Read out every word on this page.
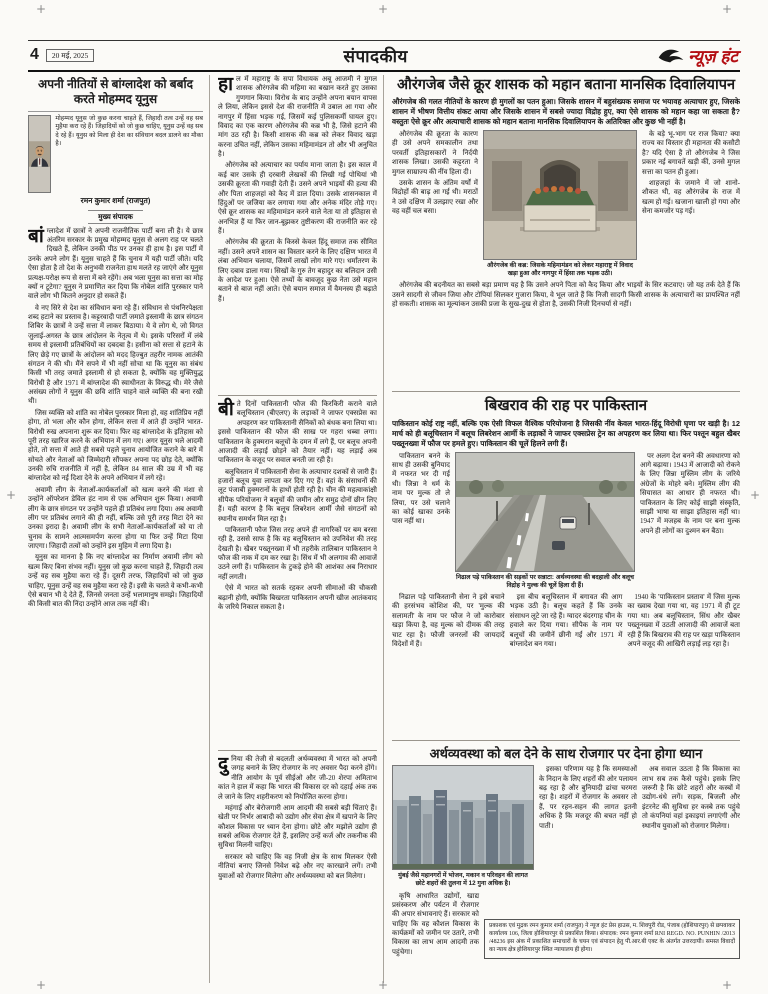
+	+	+
+	+
+	+	+
4	20 मई, 2025	संपादकीय	न्यूज़ हंट
अपनी नीतियों से बांग्लादेश को बर्बाद करते मोहम्मद यूनुस

मोहम्मद यूनुस जो कुछ करना चाहते हैं, जिहादी तत्व उन्हें वह सब मुहैया करा रहे हैं। जिहादियों को जो कुछ चाहिए, यूनुस उन्हें वह सब दे रहे हैं। यूनुस को मिला ही देश का संविधान बदल डालने का मौका है।

रमन कुमार शर्मा (राजपुत)
मुख्य संपादक

बांग्लादेश में छात्रों ने अपनी राजनीतिक पार्टी बना ली है। ये छात्र अंतरिम सरकार के प्रमुख मोहम्मद यूनुस से अलग राह पर चलते दिखते हैं, लेकिन उनकी पीठ पर उनका ही हाथ है। इस पार्टी में उनके अपने लोग हैं। यूनुस चाहते हैं कि चुनाव में यही पार्टी जीते। यदि ऐसा होता है तो देश के अनुभवी राजनेता हाथ मलते रह जाएंगे और यूनुस प्रत्यक्ष-परोक्ष रूप से सत्ता में बने रहेंगे। अब भला यूनुस का सत्ता का मोह क्यों न टूटेगा? यूनुस ने प्रमाणित कर दिया कि नोबेल शांति पुरस्कार पाने वाले लोग भी कितने अनुदार हो सकते हैं।

वे नए सिरे से देश का संविधान बना रहे हैं। संविधान से पंथनिरपेक्षता शब्द हटाने का प्रस्ताव है। कट्टरवादी पार्टी जमाते इस्लामी के छात्र संगठन शिबिर के छात्रों ने उन्हें सत्ता में लाकर बिठाया। ये वे लोग थे, जो विगत जुलाई-अगस्त के छात्र आंदोलन के नेतृत्व में थे। इसके परिसरों में लंबे समय से इस्लामी प्रतिबंधियों का दबदबा है। हसीना को सत्ता से हटाने के लिए छेड़े गए छात्रों के आंदोलन को मदद हिज्बुत तहरीर नामक आतंकी संगठन ने की थी। मैंने सपने में भी नहीं सोचा था कि यूनुस का संबंध किसी भी तरह जमाते इस्लामी से हो सकता है, क्योंकि वह मुक्तियुद्ध विरोधी है और 1971 में बांग्लादेश की स्वाधीनता के विरुद्ध थी। मेरे जैसे असंख्य लोगों ने यूनुस की छवि शांति चाहने वाले व्यक्ति की बना रखी थी।

जिस व्यक्ति को शांति का नोबेल पुरस्कार मिला हो, वह शांतिप्रिय नहीं होगा, तो भला और कौन होगा, लेकिन सत्ता में आते ही उन्होंने भारत-विरोधी रुख अपनाना शुरू कर दिया। फिर वह बांग्लादेश के इतिहास को पूरी तरह खारिज करने के अभियान में लग गए। अगर यूनुस भले आदमी होते, तो सत्ता में आते ही सबसे पहले चुनाव आयोजित कराने के बारे में सोचते और नेताओं को जिम्मेदारी सौंपकर अपना पद छोड़ देते, क्योंकि उनकी रुचि राजनीति में नहीं है, लेकिन 84 साल की उम्र में भी वह बांग्लादेश को नई दिशा देने के अपने अभियान में लगे रहे।

अवामी लीग के नेताओं-कार्यकर्ताओं को खत्म करने की मंशा से उन्होंने ऑपरेशन डेविल हंट नाम से एक अभियान शुरू किया। अवामी लीग के छात्र संगठन पर उन्होंने पहले ही प्रतिबंध लगा दिया। अब अवामी लीग पर प्रतिबंध लगाने की ही नहीं, बल्कि उसे पूरी तरह मिटा देने का उनका इरादा है। अवामी लीग के सभी नेताओं-कार्यकर्ताओं को या तो चुनाव के सामने आत्मसमर्पण करना होगा या फिर उन्हें मिटा दिया जाएगा। जिहादी तत्वों को उन्होंने इस मुहिम में लगा दिया है।

यूनुस का मानना है कि नए बांग्लादेश का निर्माण अवामी लीग को खत्म किए बिना संभव नहीं। यूनुस जो कुछ करना चाहते हैं, जिहादी तत्व उन्हें वह सब मुहैया करा रहे हैं। दूसरी तरफ, जिहादियों को जो कुछ चाहिए, यूनुस उन्हें वह सब मुहैया करा रहे हैं। इसी के चलते वे कभी-कभी ऐसे बयान भी दे देते हैं, जिनसे जनता उन्हें भलामानुष समझे। जिहादियों की किसी बात की निंदा उन्होंने आज तक नहीं की।

हाल में महाराष्ट्र के सपा विधायक अबू आजमी ने मुगल शासक औरंगजेब की महिमा का बखान करते हुए उसका गुणगान किया। विरोध के बाद उन्होंने अपना बयान वापस ले लिया, लेकिन इससे देश की राजनीति में उबाल आ गया और नागपुर में हिंसा भड़क गई, जिसमें कई पुलिसकर्मी घायल हुए। विवाद का एक कारण औरंगजेब की कब्र भी है, जिसे हटाने की मांग उठ रही है। किसी शासक की कब्र को लेकर विवाद खड़ा करना उचित नहीं, लेकिन उसका महिमामंडन तो और भी अनुचित है।

औरंगजेब को अत्याचार का पर्याय माना जाता है। इस काल में कई बार उसके ही दरबारी लेखकों की लिखी गई पोथियां भी उसकी क्रूरता की गवाही देती हैं। उसने अपने भाइयों की हत्या की और पिता शाहजहां को कैद में डाल दिया। उसके शासनकाल में हिंदुओं पर जजिया कर लगाया गया और अनेक मंदिर तोड़े गए। ऐसे क्रूर शासक का महिमामंडन करने वाले नेता या तो इतिहास से अनभिज्ञ हैं या फिर जान-बूझकर तुष्टीकरण की राजनीति कर रहे हैं।

औरंगजेब की क्रूरता के किस्से केवल हिंदू समाज तक सीमित नहीं। उसने अपने शासन का विस्तार करने के लिए दक्षिण भारत में लंबा अभियान चलाया, जिसमें लाखों लोग मारे गए। धर्मांतरण के लिए दबाव डाला गया। सिखों के गुरु तेग बहादुर का बलिदान उसी के आदेश पर हुआ। ऐसे तथ्यों के बावजूद कुछ नेता उसे महान बताने से बाज नहीं आते। ऐसे बयान समाज में वैमनस्य ही बढ़ाते हैं।

बीते दिनों पाकिस्तानी फौज की किरकिरी कराने वाले बलूचिस्तान (बीएलए) के लड़ाकों ने जाफर एक्सप्रेस का अपहरण कर पाकिस्तानी सैनिकों को बंधक बना लिया था। इससे पाकिस्तान की फौज की साख पर गहरा धब्बा लगा। पाकिस्तान के हुक्मरान बलूचों के दमन में लगे हैं, पर बलूच अपनी आजादी की लड़ाई छोड़ने को तैयार नहीं। यह लड़ाई अब पाकिस्तान के वजूद पर सवाल बनती जा रही है।

बलूचिस्तान में पाकिस्तानी सेना के अत्याचार दशकों से जारी हैं। हजारों बलूच युवा लापता कर दिए गए हैं। वहां के संसाधनों की लूट पंजाबी हुक्मरानों के हाथों होती रही है। चीन की महत्वाकांक्षी सीपैक परियोजना ने बलूचों की जमीन और समुद्र दोनों छीन लिए हैं। यही कारण है कि बलूच लिबरेशन आर्मी जैसे संगठनों को स्थानीय समर्थन मिल रहा है।

पाकिस्तानी फौज जिस तरह अपने ही नागरिकों पर बम बरसा रही है, उससे साफ है कि वह बलूचिस्तान को उपनिवेश की तरह देखती है। खैबर पख्तूनख्वा में भी तहरीके तालिबान पाकिस्तान ने फौज की नाक में दम कर रखा है। सिंध में भी अलगाव की आवाजें उठने लगी हैं। पाकिस्तान के टुकड़े होने की आशंका अब निराधार नहीं लगती।

ऐसे में भारत को सतर्क रहकर अपनी सीमाओं की चौकसी बढ़ानी होगी, क्योंकि बिखरता पाकिस्तान अपनी खीज आतंकवाद के जरिये निकाल सकता है।

दुनिया की तेजी से बदलती अर्थव्यवस्था में भारत को अपनी जगह बनाने के लिए रोजगार के नए अवसर पैदा करने होंगे। नीति आयोग के पूर्व सीईओ और जी-20 शेरपा अमिताभ कांत ने हाल में कहा कि भारत की विकास दर को दहाई अंक तक ले जाने के लिए शहरीकरण को नियोजित करना होगा।

महंगाई और बेरोजगारी आम आदमी की सबसे बड़ी चिंताएं हैं। खेती पर निर्भर आबादी को उद्योग और सेवा क्षेत्र में खपाने के लिए कौशल विकास पर ध्यान देना होगा। छोटे और मझोले उद्योग ही सबसे अधिक रोजगार देते हैं, इसलिए उन्हें कर्ज और तकनीक की सुविधा मिलनी चाहिए।

सरकार को चाहिए कि वह निजी क्षेत्र के साथ मिलकर ऐसी नीतियां बनाए जिनसे निवेश बढ़े और नए कारखाने लगें। तभी युवाओं को रोजगार मिलेगा और अर्थव्यवस्था को बल मिलेगा।

औरंगजेब जैसे क्रूर शासक को महान बताना मानसिक दिवालियापन

औरंगजेब की गलत नीतियों के कारण ही मुगलों का पतन हुआ। जिसके शासन में बहुसंख्यक समाज पर भयावह अत्याचार हुए, जिसके शासन में भीषण वित्तीय संकट आया और जिसके शासन में सबसे ज्यादा विद्रोह हुए, क्या ऐसे शासक को महान कहा जा सकता है? वस्तुतः ऐसे क्रूर और अत्याचारी शासक को महान बताना मानसिक दिवालियापन के अतिरिक्त और कुछ भी नहीं है।

औरंगजेब की क्रूरता के कारण ही उसे अपने समकालीन तथा परवर्ती इतिहासकारों ने निर्दयी शासक लिखा। उसकी कट्टरता ने मुगल साम्राज्य की नींव हिला दी।

उसके शासन के अंतिम वर्षों में विद्रोहों की बाढ़ आ गई थी। मराठों ने उसे दक्षिण में उलझाए रखा और वह वहीं चल बसा।

औरंगजेब की कब्र: जिसके महिमामंडन को लेकर महाराष्ट्र में विवाद खड़ा हुआ और नागपुर में हिंसा तक भड़क उठी।

के बड़े भू-भाग पर राज किया? क्या राज्य का विस्तार ही महानता की कसौटी है? यदि ऐसा है तो औरंगजेब ने जिस प्रकार नई बगावतें खड़ी कीं, उनसे मुगल सत्ता का पतन ही हुआ।

शाहजहां के जमाने में जो शानो-शौकत थी, वह औरंगजेब के राज में खत्म हो गई। खजाना खाली हो गया और सेना कमजोर पड़ गई।

औरंगजेब की बदनीयत का सबसे बड़ा प्रमाण यह है कि उसने अपने पिता को कैद किया और भाइयों के सिर कटवाए। जो यह तर्क देते हैं कि उसने सादगी से जीवन जिया और टोपियां सिलकर गुजारा किया, वे भूल जाते हैं कि निजी सादगी किसी शासक के अत्याचारों का प्रायश्चित नहीं हो सकती। शासक का मूल्यांकन उसकी प्रजा के सुख-दुख से होता है, उसकी निजी दिनचर्या से नहीं।

बिखराव की राह पर पाकिस्तान

पाकिस्तान कोई राष्ट्र नहीं, बल्कि एक ऐसी विफल वैश्विक परियोजना है जिसकी नींव केवल भारत-हिंदू विरोधी घृणा पर खड़ी है। 12 मार्च को ही बलूचिस्तान में बलूच लिबरेशन आर्मी के लड़ाकों ने जाफर एक्सप्रेस ट्रेन का अपहरण कर लिया था। फिर पश्तून बहुल खैबर पख्तूनख्वा में फौज पर हमले हुए। पाकिस्तान की चूलें हिलने लगी हैं।

पाकिस्तान बनने के साथ ही उसकी बुनियाद में नफरत भर दी गई थी। जिन्ना ने धर्म के नाम पर मुल्क तो ले लिया, पर उसे चलाने का कोई खाका उनके पास नहीं था।

निढाल पड़े पाकिस्तान की सड़कों पर सन्नाटा: अर्थव्यवस्था की बदहाली और बलूच विद्रोह ने मुल्क की चूलें हिला दी हैं।

पर अलग देश बनने की अवधारणा को आगे बढ़ाया। 1943 में आजादी को रोकने के लिए जिन्ना मुस्लिम लीग के जरिये अंग्रेजों के मोहरे बने। मुस्लिम लीग की सियासत का आधार ही नफरत थी। पाकिस्तान के लिए कोई साझी संस्कृति, साझी भाषा या साझा इतिहास नहीं था। 1947 में मजहब के नाम पर बना मुल्क अपने ही लोगों का दुश्मन बन बैठा।

निढाल पड़े पाकिस्तानी सेना ने इसे बचाने की हरसंभव कोशिश की, पर 'मुल्क की सलामती' के नाम पर फौज ने जो कारोबार खड़ा किया है, वह मुल्क को दीमक की तरह चाट रहा है। फौजी जनरलों की जायदादें विदेशों में हैं।

इस बीच बलूचिस्तान में बगावत की आग भड़क उठी है। बलूच कहते हैं कि उनके संसाधन लूटे जा रहे हैं। ग्वादर बंदरगाह चीन के हवाले कर दिया गया। सीपैक के नाम पर बलूचों की जमीनें छीनी गईं और 1971 में बांग्लादेश बन गया।

1940 के 'पाकिस्तान प्रस्ताव' में जिस मुल्क का ख्वाब देखा गया था, वह 1971 में ही टूट गया था। अब बलूचिस्तान, सिंध और खैबर पख्तूनख्वा में उठती आजादी की आवाजें बता रही हैं कि बिखराव की राह पर खड़ा पाकिस्तान अपने वजूद की आखिरी लड़ाई लड़ रहा है।

अर्थव्यवस्था को बल देने के साथ रोजगार पर देना होगा ध्यान
मुंबई जैसे महानगरों में भोजन, मकान व परिवहन की लागत छोटे शहरों की तुलना में 12 गुना अधिक है।

इसका परिणाम यह है कि समस्याओं के निदान के लिए शहरों की ओर पलायन बढ़ रहा है और बुनियादी ढांचा चरमरा रहा है। शहरों में रोजगार के अवसर तो हैं, पर रहन-सहन की लागत इतनी अधिक है कि मजदूर की बचत नहीं हो पाती।

अब सवाल उठता है कि विकास का लाभ सब तक कैसे पहुंचे। इसके लिए जरूरी है कि छोटे शहरों और कस्बों में उद्योग-धंधे लगें। सड़क, बिजली और इंटरनेट की सुविधा हर कस्बे तक पहुंचे तो कंपनियां वहां इकाइयां लगाएंगी और स्थानीय युवाओं को रोजगार मिलेगा।

कृषि आधारित उद्योगों, खाद्य प्रसंस्करण और पर्यटन में रोजगार की अपार संभावनाएं हैं। सरकार को चाहिए कि वह कौशल विकास के कार्यक्रमों को जमीन पर उतारे, तभी विकास का लाभ आम आदमी तक पहुंचेगा।

प्रकाशक एवं मुद्रक रमन कुमार शर्मा (राजपुत) ने न्यूज हंट प्रेस हाउस, म. शिवपुरी रोड, पंजाब (होशियारपुर) से छपवाकर कार्यालय 106, जिला होशियारपुर से प्रकाशित किया। संपादक: रमन कुमार शर्मा RNI REGD. NO. PUNHIN /2013 /48236 इस अंक में प्रकाशित समाचारों के चयन एवं संपादन हेतु पी.आर.बी एक्ट के अंतर्गत उत्तरदायी। समस्त विवादों का न्याय क्षेत्र होशियारपुर स्थित न्यायालय ही होगा।
